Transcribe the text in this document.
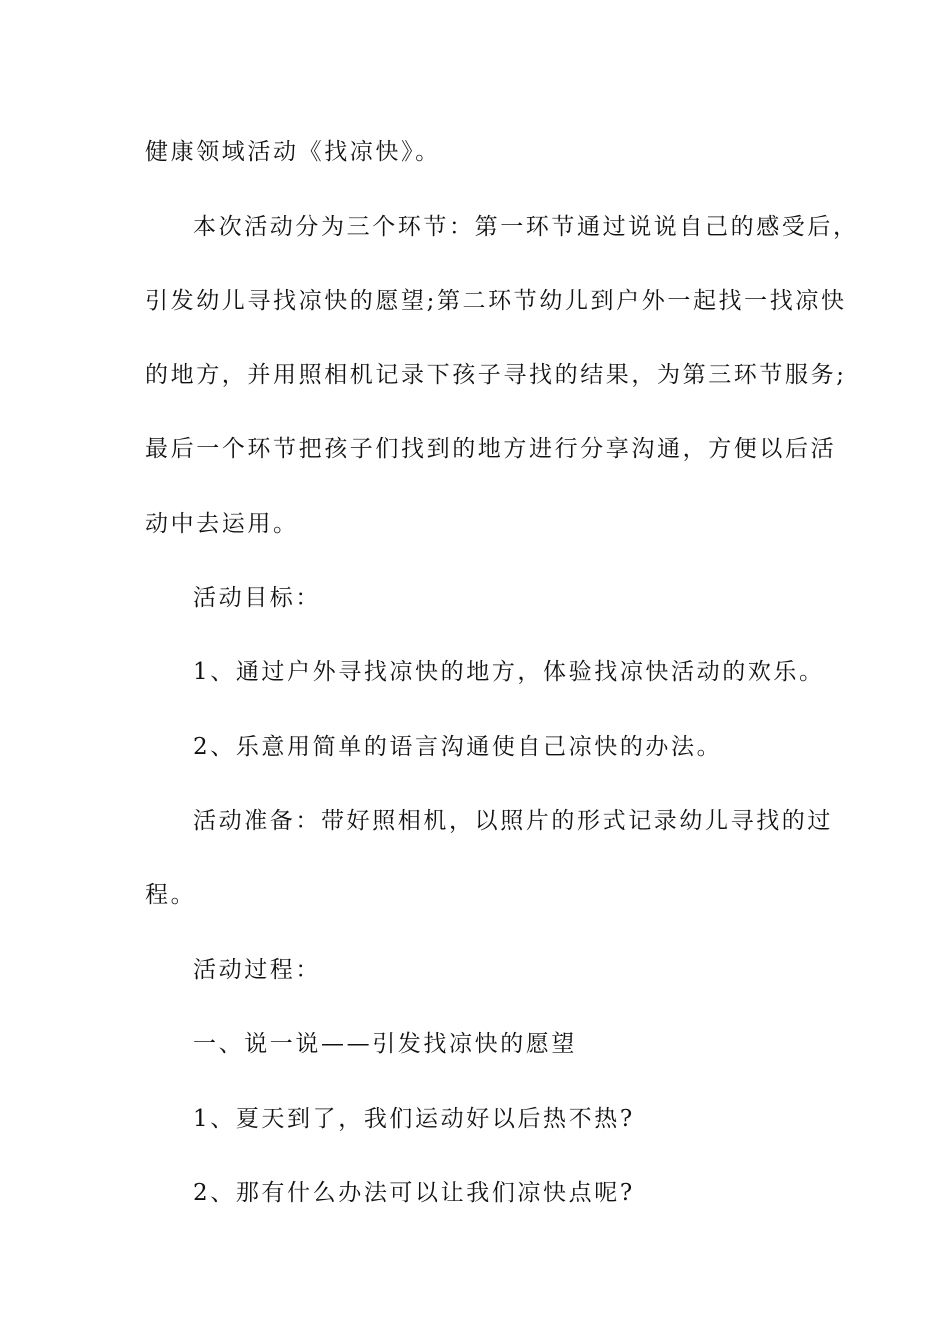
健康领域活动《找凉快》。
本次活动分为三个环节：第一环节通过说说自己的感受后，
引发幼儿寻找凉快的愿望;第二环节幼儿到户外一起找一找凉快
的地方，并用照相机记录下孩子寻找的结果，为第三环节服务;
最后一个环节把孩子们找到的地方进行分享沟通，方便以后活
动中去运用。
活动目标：
1、通过户外寻找凉快的地方，体验找凉快活动的欢乐。
2、乐意用简单的语言沟通使自己凉快的办法。
活动准备：带好照相机，以照片的形式记录幼儿寻找的过
程。
活动过程：
一、说一说——引发找凉快的愿望
1、夏天到了，我们运动好以后热不热?
2、那有什么办法可以让我们凉快点呢?
